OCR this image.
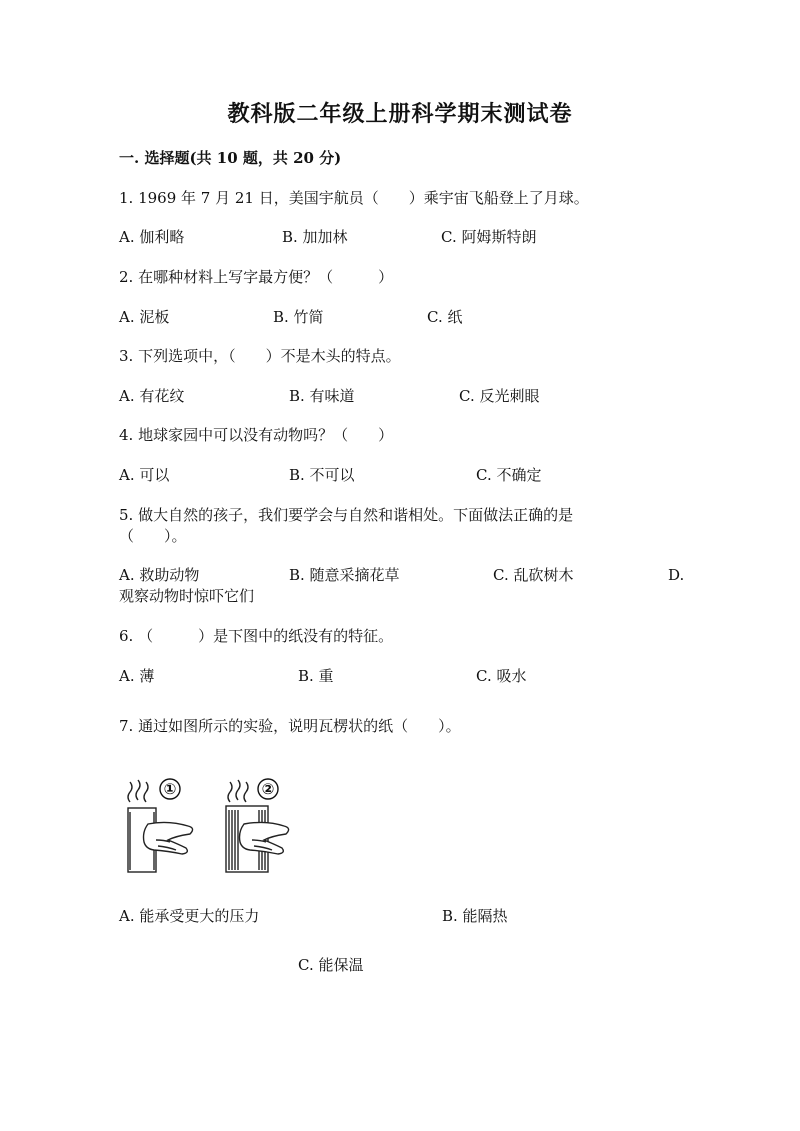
教科版二年级上册科学期末测试卷
一. 选择题(共 10 题，共 20 分)
1. 1969 年 7 月 21 日，美国宇航员（　　）乘宇宙飞船登上了月球。
A. 伽利略	B. 加加林	C. 阿姆斯特朗
2. 在哪种材料上写字最方便？（　　　）
A. 泥板	B. 竹简	C. 纸
3. 下列选项中，（　　）不是木头的特点。
A. 有花纹	B. 有味道	C. 反光刺眼
4. 地球家园中可以没有动物吗？（　　）
A. 可以	B. 不可以	C. 不确定
5. 做大自然的孩子，我们要学会与自然和谐相处。下面做法正确的是
（　　）。
A. 救助动物	B. 随意采摘花草	C. 乱砍树木	D.
观察动物时惊吓它们
6. （　　　）是下图中的纸没有的特征。
A. 薄	B. 重	C. 吸水
7. 通过如图所示的实验，说明瓦楞状的纸（　　）。
①	②
A. 能承受更大的压力	B. 能隔热
C. 能保温
